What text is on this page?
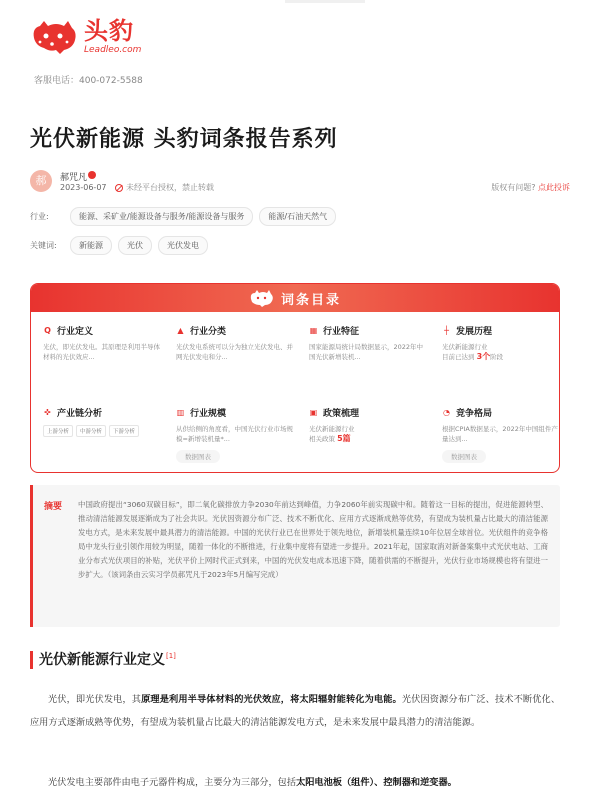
头豹
Leadleo.com
客服电话：400-072-5588
光伏新能源 头豹词条报告系列
郝	郝咒凡
2023-06-07 未经平台授权，禁止转载	版权有问题? 点此投诉
行业:	能源、采矿业/能源设备与服务/能源设备与服务	能源/石油天然气
关键词:	新能源	光伏	光伏发电
词条目录
Q 行业定义
光伏，即光伏发电。其原理是利用半导体材料的光伏效应...
▲ 行业分类
光伏发电系统可以分为独立光伏发电、并网光伏发电和分...
▦ 行业特征
国家能源局统计局数据显示，2022年中国光伏新增装机...
┼ 发展历程
光伏新能源行业
目前已达到 3个阶段
✜ 产业链分析
上游分析	中游分析	下游分析
▥ 行业规模
从供给侧的角度看，中国光伏行业市场规模=新增装机量*...
数据图表
▣ 政策梳理
光伏新能源行业
相关政策 5篇
◔ 竞争格局
根据CPIA数据显示，2022年中国组件产量达到...
数据图表
摘要 中国政府提出“3060双碳目标”，即二氧化碳排放力争2030年前达到峰值，力争2060年前实现碳中和。随着这一目标的提出，促进能源转型、推动清洁能源发展逐渐成为了社会共识。光伏因资源分布广泛、技术不断优化、应用方式逐渐成熟等优势，有望成为装机量占比最大的清洁能源发电方式，是未来发展中最具潜力的清洁能源。中国的光伏行业已在世界处于领先地位，新增装机量连续10年位居全球首位。光伏组件的竞争格局中龙头行业引领作用较为明显，随着一体化的不断推进，行业集中度将有望进一步提升。2021年起，国家取消对新备案集中式光伏电站、工商业分布式光伏项目的补贴，光伏平价上网时代正式到来，中国的光伏发电成本迅速下降，随着供需的不断提升，光伏行业市场规模也将有望进一步扩大。（该词条由云实习学员郝咒凡于2023年5月编写完成）
光伏新能源行业定义 [1]

光伏，即光伏发电，其原理是利用半导体材料的光伏效应，将太阳辐射能转化为电能。光伏因资源分布广泛、技术不断优化、应用方式逐渐成熟等优势，有望成为装机量占比最大的清洁能源发电方式，是未来发展中最具潜力的清洁能源。

光伏发电主要部件由电子元器件构成，主要分为三部分，包括太阳电池板（组件）、控制器和逆变器。
